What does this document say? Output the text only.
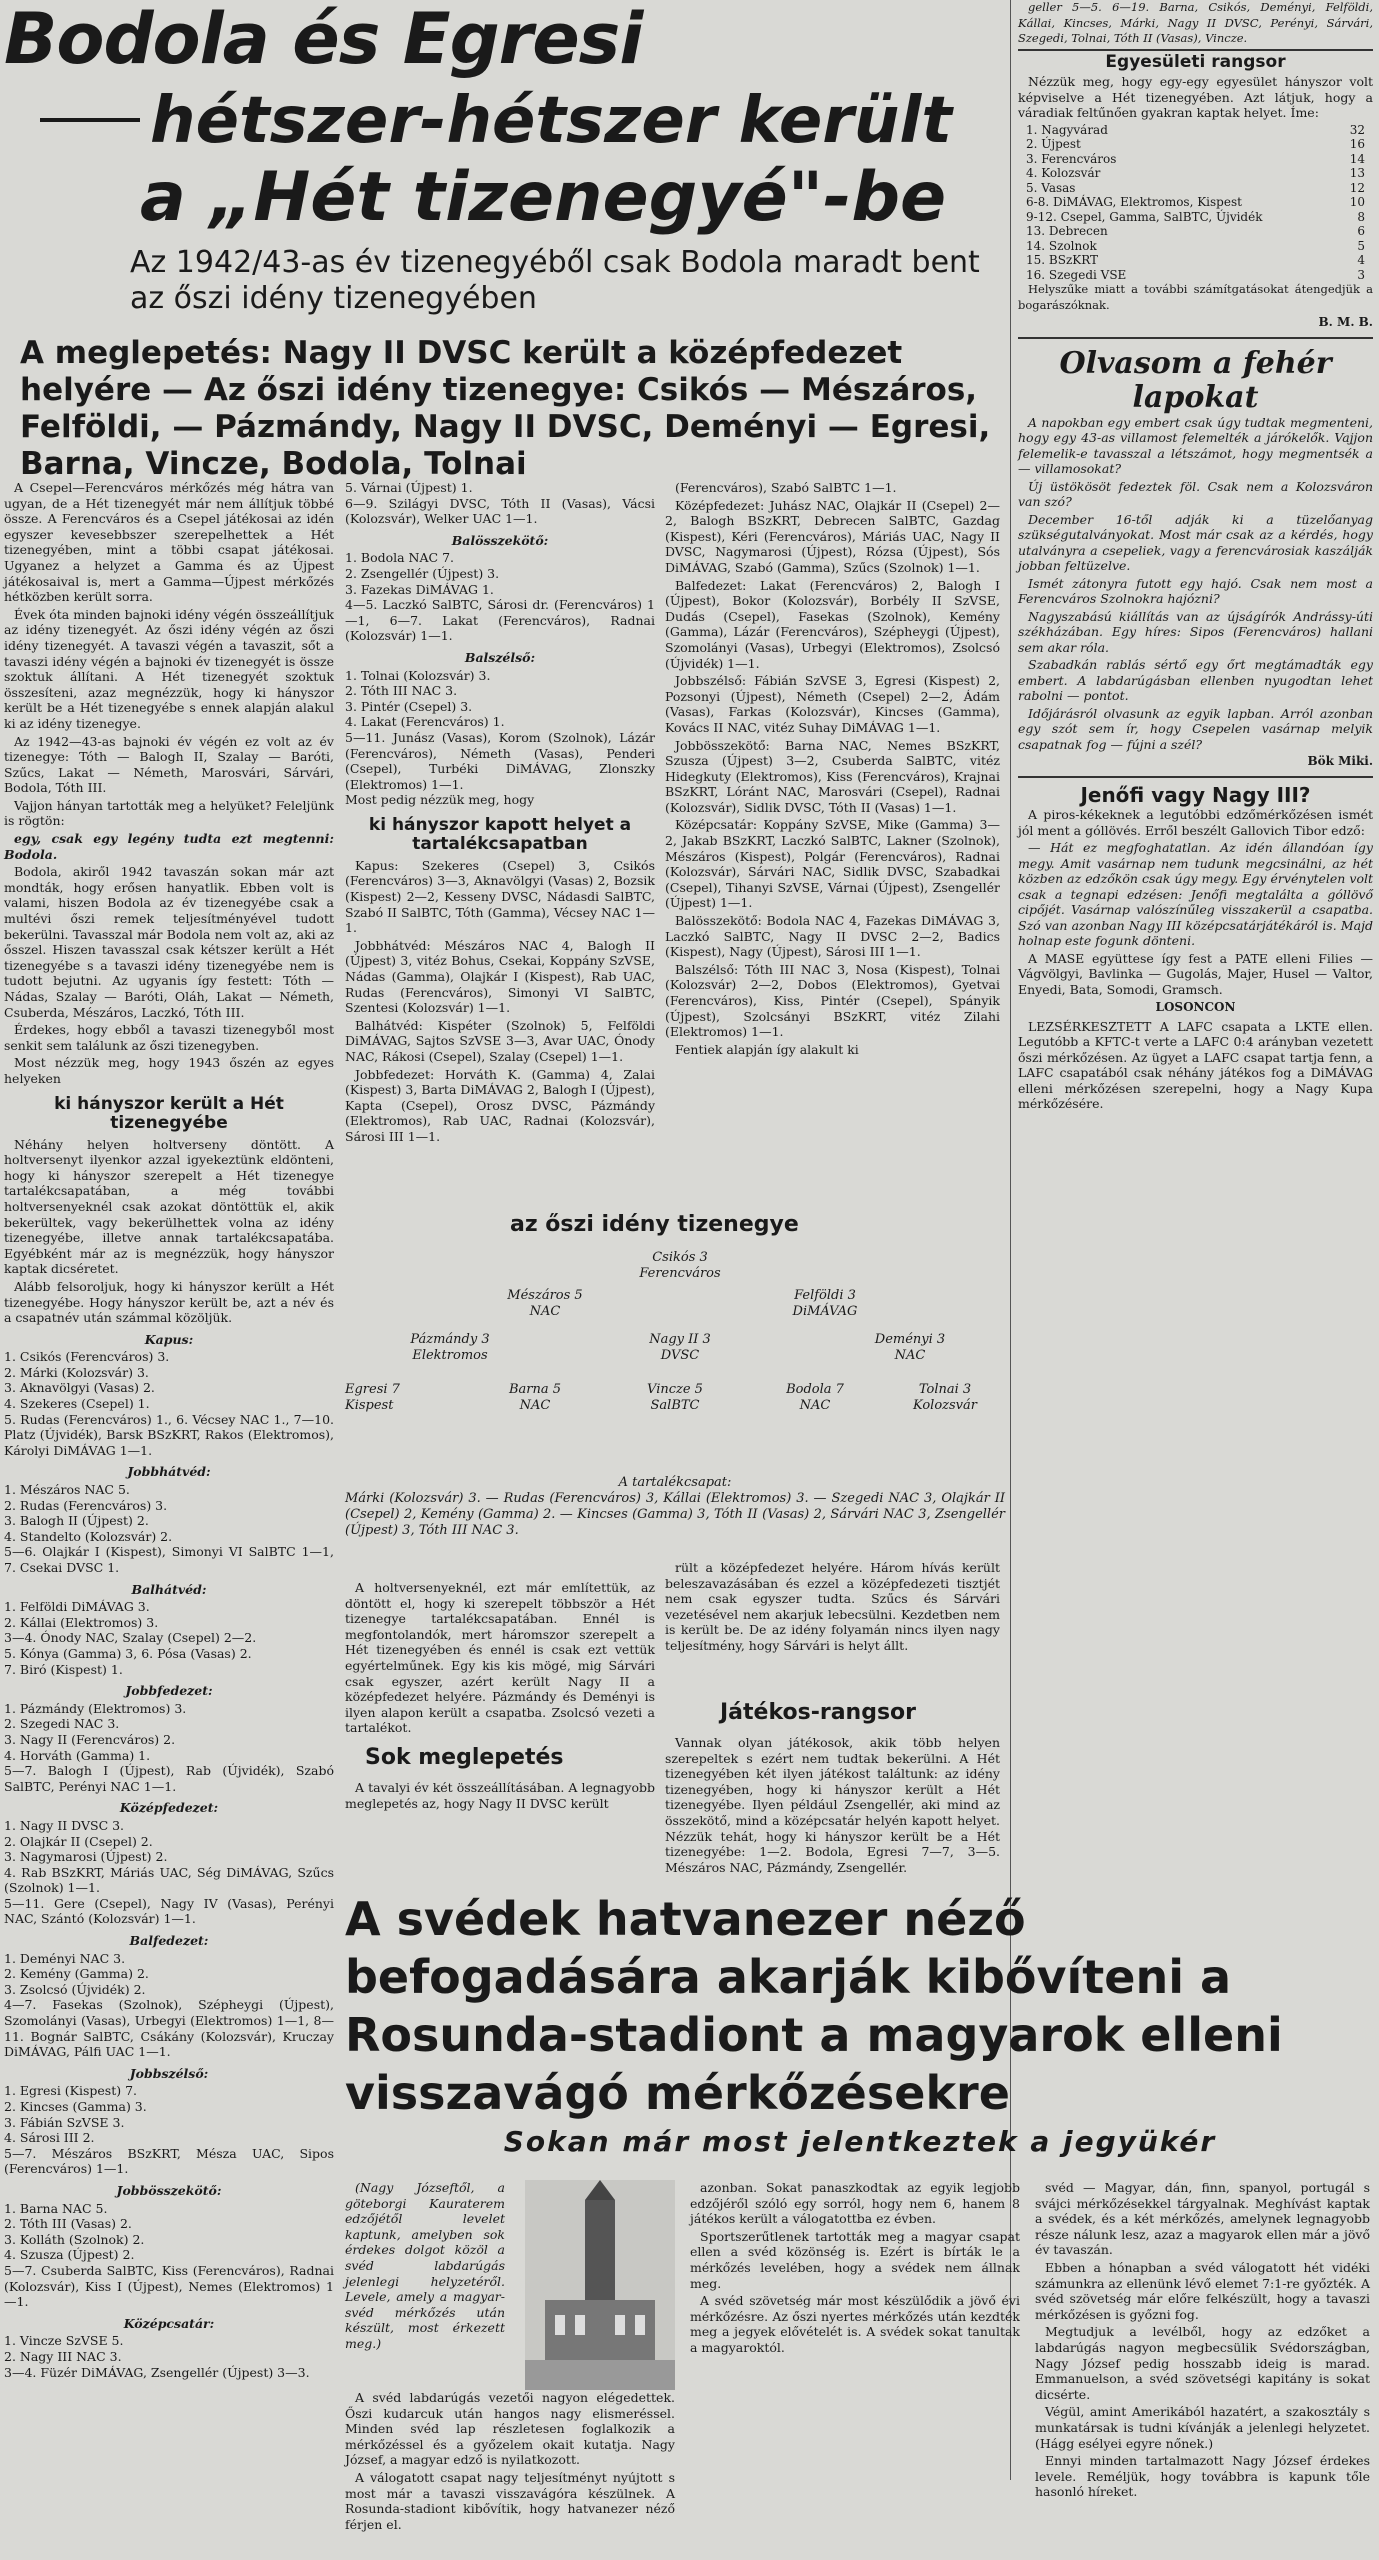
Bodola és Egresi
hétszer-hétszer került
a „Hét tizenegyé"-be
Az 1942/43-as év tizenegyéből csak Bodola maradt bent az őszi idény tizenegyében
A meglepetés: Nagy II DVSC került a középfedezet helyére — Az őszi idény tizenegye: Csikós — Mészáros, Felföldi, — Pázmándy, Nagy II DVSC, Deményi — Egresi, Barna, Vincze, Bodola, Tolnai

A Csepel—Ferencváros mérkőzés még hátra van ugyan, de a Hét tizenegyét már nem állítjuk többé össze. A Ferencváros és a Csepel játékosai az idén egyszer kevesebbszer szerepelhettek a Hét tizenegyében, mint a többi csapat játékosai. Ugyanez a helyzet a Gamma és az Újpest játékosaival is, mert a Gamma—Újpest mérkőzés hétközben került sorra.

Évek óta minden bajnoki idény végén összeállítjuk az idény tizenegyét. Az őszi idény végén az őszi idény tizenegyét. A tavaszi végén a tavaszit, sőt a tavaszi idény végén a bajnoki év tizenegyét is össze szoktuk állítani. A Hét tizenegyét szoktuk összesíteni, azaz megnézzük, hogy ki hányszor került be a Hét tizenegyébe s ennek alapján alakul ki az idény tizenegye.

Az 1942—43-as bajnoki év végén ez volt az év tizenegye: Tóth — Balogh II, Szalay — Baróti, Szűcs, Lakat — Németh, Marosvári, Sárvári, Bodola, Tóth III.

Vajjon hányan tartották meg a helyüket? Feleljünk is rögtön:

egy, csak egy legény tudta ezt megtenni: Bodola.

Bodola, akiről 1942 tavaszán sokan már azt mondták, hogy erősen hanyatlik. Ebben volt is valami, hiszen Bodola az év tizenegyébe csak a multévi őszi remek teljesítményével tudott bekerülni. Tavasszal már Bodola nem volt az, aki az ősszel. Hiszen tavasszal csak kétszer került a Hét tizenegyébe s a tavaszi idény tizenegyébe nem is tudott bejutni. Az ugyanis így festett: Tóth — Nádas, Szalay — Baróti, Oláh, Lakat — Németh, Csuberda, Mészáros, Laczkó, Tóth III.

Érdekes, hogy ebből a tavaszi tizenegyből most senkit sem találunk az őszi tizenegyben.

Most nézzük meg, hogy 1943 őszén az egyes helyeken

ki hányszor került a Hét tizenegyébe

Néhány helyen holtverseny döntött. A holtversenyt ilyenkor azzal igyekeztünk eldönteni, hogy ki hányszor szerepelt a Hét tizenegye tartalékcsapatában, a még további holtversenyeknél csak azokat döntöttük el, akik bekerültek, vagy bekerülhettek volna az idény tizenegyébe, illetve annak tartalékcsapatába. Egyébként már az is megnézzük, hogy hányszor kaptak dicséretet.

Alább felsoroljuk, hogy ki hányszor került a Hét tizenegyébe. Hogy hányszor került be, azt a név és a csapatnév után számmal közöljük.

Kapus:

1. Csikós (Ferencváros) 3.

2. Márki (Kolozsvár) 3.

3. Aknavölgyi (Vasas) 2.

4. Szekeres (Csepel) 1.

5. Rudas (Ferencváros) 1., 6. Vécsey NAC 1., 7—10. Platz (Újvidék), Barsk BSzKRT, Rakos (Elektromos), Károlyi DiMÁVAG 1—1.

Jobbhátvéd:

1. Mészáros NAC 5.

2. Rudas (Ferencváros) 3.

3. Balogh II (Újpest) 2.

4. Standelto (Kolozsvár) 2.

5—6. Olajkár I (Kispest), Simonyi VI SalBTC 1—1, 7. Csekai DVSC 1.

Balhátvéd:

1. Felföldi DiMÁVAG 3.

2. Kállai (Elektromos) 3.

3—4. Ónody NAC, Szalay (Csepel) 2—2.

5. Kónya (Gamma) 3, 6. Pósa (Vasas) 2.

7. Biró (Kispest) 1.

Jobbfedezet:

1. Pázmándy (Elektromos) 3.

2. Szegedi NAC 3.

3. Nagy II (Ferencváros) 2.

4. Horváth (Gamma) 1.

5—7. Balogh I (Újpest), Rab (Újvidék), Szabó SalBTC, Perényi NAC 1—1.

Középfedezet:

1. Nagy II DVSC 3.

2. Olajkár II (Csepel) 2.

3. Nagymarosi (Újpest) 2.

4. Rab BSzKRT, Máriás UAC, Ség DiMÁVAG, Szűcs (Szolnok) 1—1.

5—11. Gere (Csepel), Nagy IV (Vasas), Perényi NAC, Szántó (Kolozsvár) 1—1.

Balfedezet:

1. Deményi NAC 3.

2. Kemény (Gamma) 2.

3. Zsolcsó (Újvidék) 2.

4—7. Fasekas (Szolnok), Szépheygi (Újpest), Szomolányi (Vasas), Urbegyi (Elektromos) 1—1, 8—11. Bognár SalBTC, Csákány (Kolozsvár), Kruczay DiMÁVAG, Pálfi UAC 1—1.

Jobbszélső:

1. Egresi (Kispest) 7.

2. Kincses (Gamma) 3.

3. Fábián SzVSE 3.

4. Sárosi III 2.

5—7. Mészáros BSzKRT, Mésza UAC, Sipos (Ferencváros) 1—1.

Jobbösszekötő:

1. Barna NAC 5.

2. Tóth III (Vasas) 2.

3. Kolláth (Szolnok) 2.

4. Szusza (Újpest) 2.

5—7. Csuberda SalBTC, Kiss (Ferencváros), Radnai (Kolozsvár), Kiss I (Újpest), Nemes (Elektromos) 1—1.

Középcsatár:

1. Vincze SzVSE 5.

2. Nagy III NAC 3.

3—4. Füzér DiMÁVAG, Zsengellér (Újpest) 3—3.

5. Várnai (Újpest) 1.

6—9. Szilágyi DVSC, Tóth II (Vasas), Vácsi (Kolozsvár), Welker UAC 1—1.

Balösszekötő:

1. Bodola NAC 7.

2. Zsengellér (Újpest) 3.

3. Fazekas DiMÁVAG 1.

4—5. Laczkó SalBTC, Sárosi dr. (Ferencváros) 1—1, 6—7. Lakat (Ferencváros), Radnai (Kolozsvár) 1—1.

Balszélső:

1. Tolnai (Kolozsvár) 3.

2. Tóth III NAC 3.

3. Pintér (Csepel) 3.

4. Lakat (Ferencváros) 1.

5—11. Junász (Vasas), Korom (Szolnok), Lázár (Ferencváros), Németh (Vasas), Penderi (Csepel), Turbéki DiMÁVAG, Zlonszky (Elektromos) 1—1.

Most pedig nézzük meg, hogy

ki hányszor kapott helyet a tartalékcsapatban

Kapus: Szekeres (Csepel) 3, Csikós (Ferencváros) 3—3, Aknavölgyi (Vasas) 2, Bozsik (Kispest) 2—2, Kesseny DVSC, Nádasdi SalBTC, Szabó II SalBTC, Tóth (Gamma), Vécsey NAC 1—1.

Jobbhátvéd: Mészáros NAC 4, Balogh II (Újpest) 3, vitéz Bohus, Csekai, Koppány SzVSE, Nádas (Gamma), Olajkár I (Kispest), Rab UAC, Rudas (Ferencváros), Simonyi VI SalBTC, Szentesi (Kolozsvár) 1—1.

Balhátvéd: Kispéter (Szolnok) 5, Felföldi DiMÁVAG, Sajtos SzVSE 3—3, Avar UAC, Ónody NAC, Rákosi (Csepel), Szalay (Csepel) 1—1.

Jobbfedezet: Horváth K. (Gamma) 4, Zalai (Kispest) 3, Barta DiMÁVAG 2, Balogh I (Újpest), Kapta (Csepel), Orosz DVSC, Pázmándy (Elektromos), Rab UAC, Radnai (Kolozsvár), Sárosi III 1—1.

(Ferencváros), Szabó SalBTC 1—1.

Középfedezet: Juhász NAC, Olajkár II (Csepel) 2—2, Balogh BSzKRT, Debrecen SalBTC, Gazdag (Kispest), Kéri (Ferencváros), Máriás UAC, Nagy II DVSC, Nagymarosi (Újpest), Rózsa (Újpest), Sós DiMÁVAG, Szabó (Gamma), Szűcs (Szolnok) 1—1.

Balfedezet: Lakat (Ferencváros) 2, Balogh I (Újpest), Bokor (Kolozsvár), Borbély II SzVSE, Dudás (Csepel), Fasekas (Szolnok), Kemény (Gamma), Lázár (Ferencváros), Szépheygi (Újpest), Szomolányi (Vasas), Urbegyi (Elektromos), Zsolcsó (Újvidék) 1—1.

Jobbszélső: Fábián SzVSE 3, Egresi (Kispest) 2, Pozsonyi (Újpest), Németh (Csepel) 2—2, Ádám (Vasas), Farkas (Kolozsvár), Kincses (Gamma), Kovács II NAC, vitéz Suhay DiMÁVAG 1—1.

Jobbösszekötő: Barna NAC, Nemes BSzKRT, Szusza (Újpest) 3—2, Csuberda SalBTC, vitéz Hidegkuty (Elektromos), Kiss (Ferencváros), Krajnai BSzKRT, Lóránt NAC, Marosvári (Csepel), Radnai (Kolozsvár), Sidlik DVSC, Tóth II (Vasas) 1—1.

Középcsatár: Koppány SzVSE, Mike (Gamma) 3—2, Jakab BSzKRT, Laczkó SalBTC, Lakner (Szolnok), Mészáros (Kispest), Polgár (Ferencváros), Radnai (Kolozsvár), Sárvári NAC, Sidlik DVSC, Szabadkai (Csepel), Tihanyi SzVSE, Várnai (Újpest), Zsengellér (Újpest) 1—1.

Balösszekötő: Bodola NAC 4, Fazekas DiMÁVAG 3, Laczkó SalBTC, Nagy II DVSC 2—2, Badics (Kispest), Nagy (Újpest), Sárosi III 1—1.

Balszélső: Tóth III NAC 3, Nosa (Kispest), Tolnai (Kolozsvár) 2—2, Dobos (Elektromos), Gyetvai (Ferencváros), Kiss, Pintér (Csepel), Spányik (Újpest), Szolcsányi BSzKRT, vitéz Zilahi (Elektromos) 1—1.

Fentiek alapján így alakult ki

az őszi idény tizenegye
Csikós 3
Ferencváros
Mészáros 5
NAC
Felföldi 3
DiMÁVAG
Pázmándy 3
Elektromos
Nagy II 3
DVSC
Deményi 3
NAC
Egresi 7
Kispest
Barna 5
NAC
Vincze 5
SalBTC
Bodola 7
NAC
Tolnai 3
Kolozsvár
A tartalékcsapat:
Márki (Kolozsvár) 3. — Rudas (Ferencváros) 3, Kállai (Elektromos) 3. — Szegedi NAC 3, Olajkár II (Csepel) 2, Kemény (Gamma) 2. — Kincses (Gamma) 3, Tóth II (Vasas) 2, Sárvári NAC 3, Zsengellér (Újpest) 3, Tóth III NAC 3.

A holtversenyeknél, ezt már említettük, az döntött el, hogy ki szerepelt többször a Hét tizenegye tartalékcsapatában. Ennél is megfontolandók, mert háromszor szerepelt a Hét tizenegyében és ennél is csak ezt vettük egyértelműnek. Egy kis kis mögé, mig Sárvári csak egyszer, azért került Nagy II a középfedezet helyére. Pázmándy és Deményi is ilyen alapon került a csapatba. Zsolcsó vezeti a tartalékot.

rült a középfedezet helyére. Három hívás került beleszavazásában és ezzel a középfedezeti tisztjét nem csak egyszer tudta. Szűcs és Sárvári vezetésével nem akarjuk lebecsülni. Kezdetben nem is került be. De az idény folyamán nincs ilyen nagy teljesítmény, hogy Sárvári is helyt állt.

Sok meglepetés

A tavalyi év két összeállításában. A legnagyobb meglepetés az, hogy Nagy II DVSC került

Játékos-rangsor

Vannak olyan játékosok, akik több helyen szerepeltek s ezért nem tudtak bekerülni. A Hét tizenegyében két ilyen játékost találtunk: az idény tizenegyében, hogy ki hányszor került a Hét tizenegyébe. Ilyen például Zsengellér, aki mind az összekötő, mind a középcsatár helyén kapott helyet. Nézzük tehát, hogy ki hányszor került be a Hét tizenegyébe: 1—2. Bodola, Egresi 7—7, 3—5. Mészáros NAC, Pázmándy, Zsengellér.

geller 5—5. 6—19. Barna, Csikós, Deményi, Felföldi, Kállai, Kincses, Márki, Nagy II DVSC, Perényi, Sárvári, Szegedi, Tolnai, Tóth II (Vasas), Vincze.

Egyesületi rangsor

Nézzük meg, hogy egy-egy egyesület hányszor volt képviselve a Hét tizenegyében. Azt látjuk, hogy a váradiak feltűnően gyakran kaptak helyet. Íme:

1. Nagyvárad	32
2. Újpest	16
3. Ferencváros	14
4. Kolozsvár	13
5. Vasas	12
6-8. DiMÁVAG, Elektromos, Kispest	10
9-12. Csepel, Gamma, SalBTC, Újvidék	8
13. Debrecen	6
14. Szolnok	5
15. BSzKRT	4
16. Szegedi VSE	3

Helyszűke miatt a további számítgatásokat átengedjük a bogarászóknak.

B. M. B.
Olvasom a fehér lapokat

A napokban egy embert csak úgy tudtak megmenteni, hogy egy 43-as villamost felemelték a járókelők. Vajjon felemelik-e tavasszal a létszámot, hogy megmentsék a — villamosokat?

Új üstökösöt fedeztek föl. Csak nem a Kolozsváron van szó?

December 16-től adják ki a tüzelőanyag szükségutalványokat. Most már csak az a kérdés, hogy utalványra a csepeliek, vagy a ferencvárosiak kaszálják jobban feltüzelve.

Ismét zátonyra futott egy hajó. Csak nem most a Ferencváros Szolnokra hajózni?

Nagyszabású kiállítás van az újságírók Andrássy-úti székházában. Egy híres: Sipos (Ferencváros) hallani sem akar róla.

Szabadkán rablás sértő egy őrt megtámadták egy embert. A labdarúgásban ellenben nyugodtan lehet rabolni — pontot.

Időjárásról olvasunk az egyik lapban. Arról azonban egy szót sem ír, hogy Csepelen vasárnap melyik csapatnak fog — fújni a szél?

Bök Miki.
Jenőfi vagy Nagy III?

A piros-kékeknek a legutóbbi edzőmérkőzésen ismét jól ment a góllövés. Erről beszélt Gallovich Tibor edző:

— Hát ez megfoghatatlan. Az idén állandóan így megy. Amit vasárnap nem tudunk megcsinálni, az hét közben az edzőkön csak úgy megy. Egy érvénytelen volt csak a tegnapi edzésen: Jenőfi megtalálta a góllövő cipőjét. Vasárnap valószínűleg visszakerül a csapatba. Szó van azonban Nagy III középcsatárjátékáról is. Majd holnap este fogunk dönteni.

A MASE együttese így fest a PATE elleni Filies — Vágvölgyi, Bavlinka — Gugolás, Majer, Husel — Valtor, Enyedi, Bata, Somodi, Gramsch.

LOSONCON

LEZSÉRKESZTETT A LAFC csapata a LKTE ellen. Legutóbb a KFTC-t verte a LAFC 0:4 arányban vezetett őszi mérkőzésen. Az ügyet a LAFC csapat tartja fenn, a LAFC csapatából csak néhány játékos fog a DiMÁVAG elleni mérkőzésen szerepelni, hogy a Nagy Kupa mérkőzésére.

A svédek hatvanezer néző befogadására akarják kibővíteni a Rosunda-stadiont a magyarok elleni visszavágó mérkőzésekre
Sokan már most jelentkeztek a jegyükér

(Nagy Józseftől, a göteborgi Kauraterem edzőjétől levelet kaptunk, amelyben sok érdekes dolgot közöl a svéd labdarúgás jelenlegi helyzetéről. Levele, amely a magyar-svéd mérkőzés után készült, most érkezett meg.)

A svéd labdarúgás vezetői nagyon elégedettek. Őszi kudarcuk után hangos nagy elismeréssel. Minden svéd lap részletesen foglalkozik a mérkőzéssel és a győzelem okait kutatja. Nagy József, a magyar edző is nyilatkozott.

A válogatott csapat nagy teljesítményt nyújtott s most már a tavaszi visszavágóra készülnek. A Rosunda-stadiont kibővítik, hogy hatvanezer néző férjen el.

azonban. Sokat panaszkodtak az egyik legjobb edzőjéről szóló egy sorról, hogy nem 6, hanem 8 játékos került a válogatottba ez évben.

Sportszerűtlenek tartották meg a magyar csapat ellen a svéd közönség is. Ezért is bírták le a mérkőzés levelében, hogy a svédek nem állnak meg.

A svéd szövetség már most készülődik a jövő évi mérkőzésre. Az őszi nyertes mérkőzés után kezdték meg a jegyek elővételét is. A svédek sokat tanultak a magyaroktól.

svéd — Magyar, dán, finn, spanyol, portugál s svájci mérkőzésekkel tárgyalnak. Meghívást kaptak a svédek, és a két mérkőzés, amelynek legnagyobb része nálunk lesz, azaz a magyarok ellen már a jövő év tavaszán.

Ebben a hónapban a svéd válogatott hét vidéki számunkra az ellenünk lévő elemet 7:1-re győzték. A svéd szövetség már előre felkészült, hogy a tavaszi mérkőzésen is győzni fog.

Megtudjuk a levélből, hogy az edzőket a labdarúgás nagyon megbecsülik Svédországban, Nagy József pedig hosszabb ideig is marad. Emmanuelson, a svéd szövetségi kapitány is sokat dicsérte.

Végül, amint Amerikából hazatért, a szakosztály s munkatársak is tudni kívánják a jelenlegi helyzetet. (Hágg esélyei egyre nőnek.)

Ennyi minden tartalmazott Nagy József érdekes levele. Reméljük, hogy továbbra is kapunk tőle hasonló híreket.
